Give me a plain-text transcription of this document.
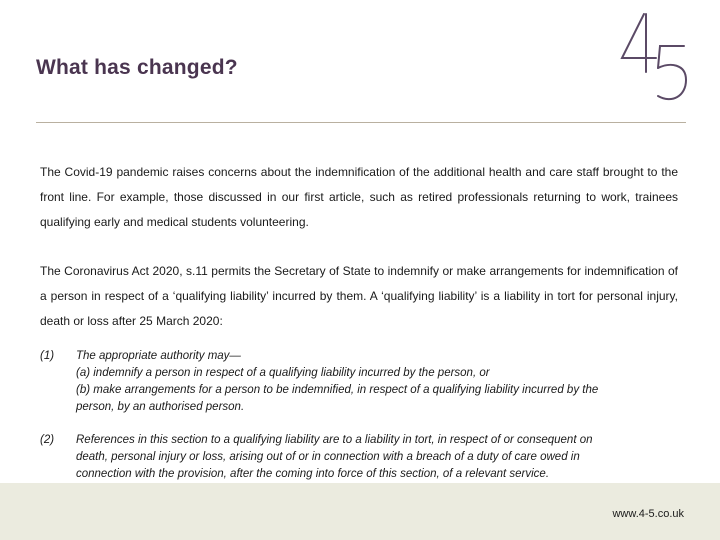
What has changed?

The Covid-19 pandemic raises concerns about the indemnification of the additional health and care staff brought to the front line. For example, those discussed in our first article, such as retired professionals returning to work, trainees qualifying early and medical students volunteering.

The Coronavirus Act 2020, s.11 permits the Secretary of State to indemnify or make arrangements for indemnification of a person in respect of a ‘qualifying liability’ incurred by them. A ‘qualifying liability’ is a liability in tort for personal injury, death or loss after 25 March 2020:

(1)	The appropriate authority may—
(a) indemnify a person in respect of a qualifying liability incurred by the person, or
(b) make arrangements for a person to be indemnified, in respect of a qualifying liability incurred by the
person, by an authorised person.
(2)	References in this section to a qualifying liability are to a liability in tort, in respect of or consequent on
death, personal injury or loss, arising out of or in connection with a breach of a duty of care owed in
connection with the provision, after the coming into force of this section, of a relevant service.
www.4-5.co.uk
